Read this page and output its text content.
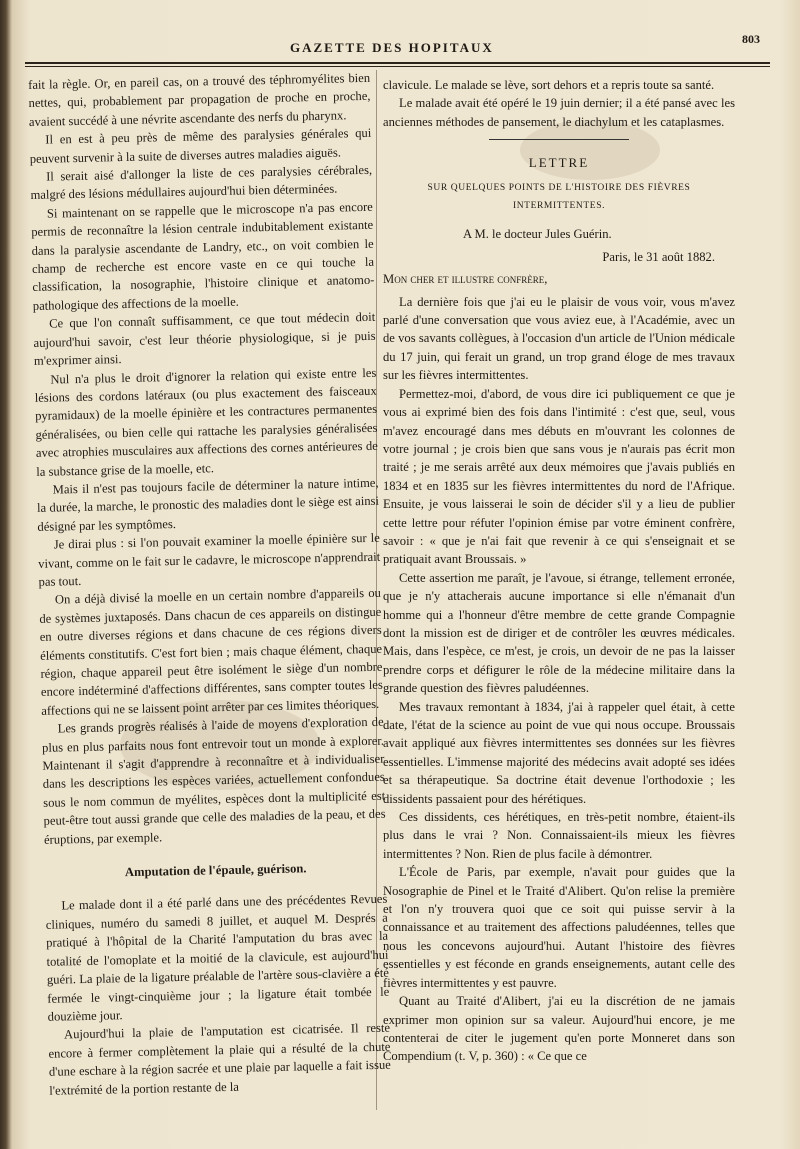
GAZETTE DES HOPITAUX
803

fait la règle. Or, en pareil cas, on a trouvé des téphromyélites bien nettes, qui, probablement par propagation de proche en proche, avaient succédé à une névrite ascendante des nerfs du pharynx.

Il en est à peu près de même des paralysies générales qui peuvent survenir à la suite de diverses autres maladies aiguës.

Il serait aisé d'allonger la liste de ces paralysies cérébrales, malgré des lésions médullaires aujourd'hui bien déterminées.

Si maintenant on se rappelle que le microscope n'a pas encore permis de reconnaître la lésion centrale indubitablement existante dans la paralysie ascendante de Landry, etc., on voit combien le champ de recherche est encore vaste en ce qui touche la classification, la nosographie, l'histoire clinique et anatomo-pathologique des affections de la moelle.

Ce que l'on connaît suffisamment, ce que tout médecin doit aujourd'hui savoir, c'est leur théorie physiologique, si je puis m'exprimer ainsi.

Nul n'a plus le droit d'ignorer la relation qui existe entre les lésions des cordons latéraux (ou plus exactement des faisceaux pyramidaux) de la moelle épinière et les contractures permanentes généralisées, ou bien celle qui rattache les paralysies généralisées avec atrophies musculaires aux affections des cornes antérieures de la substance grise de la moelle, etc.

Mais il n'est pas toujours facile de déterminer la nature intime, la durée, la marche, le pronostic des maladies dont le siège est ainsi désigné par les symptômes.

Je dirai plus : si l'on pouvait examiner la moelle épinière sur le vivant, comme on le fait sur le cadavre, le microscope n'apprendrait pas tout.

On a déjà divisé la moelle en un certain nombre d'appareils ou de systèmes juxtaposés. Dans chacun de ces appareils on distingue en outre diverses régions et dans chacune de ces régions divers éléments constitutifs. C'est fort bien ; mais chaque élément, chaque région, chaque appareil peut être isolément le siège d'un nombre encore indéterminé d'affections différentes, sans compter toutes les affections qui ne se laissent point arrêter par ces limites théoriques.

Les grands progrès réalisés à l'aide de moyens d'exploration de plus en plus parfaits nous font entrevoir tout un monde à explorer. Maintenant il s'agit d'apprendre à reconnaître et à individualiser dans les descriptions les espèces variées, actuellement confondues sous le nom commun de myélites, espèces dont la multiplicité est peut-être tout aussi grande que celle des maladies de la peau, et des éruptions, par exemple.

Amputation de l'épaule, guérison.

Le malade dont il a été parlé dans une des précédentes Revues cliniques, numéro du samedi 8 juillet, et auquel M. Després a pratiqué à l'hôpital de la Charité l'amputation du bras avec la totalité de l'omoplate et la moitié de la clavicule, est aujourd'hui guéri. La plaie de la ligature préalable de l'artère sous-clavière a été fermée le vingt-cinquième jour ; la ligature était tombée le douzième jour.

Aujourd'hui la plaie de l'amputation est cicatrisée. Il reste encore à fermer complètement la plaie qui a résulté de la chute d'une eschare à la région sacrée et une plaie par laquelle a fait issue l'extrémité de la portion restante de la

clavicule. Le malade se lève, sort dehors et a repris toute sa santé.

Le malade avait été opéré le 19 juin dernier; il a été pansé avec les anciennes méthodes de pansement, le diachylum et les cataplasmes.

LETTRE
SUR QUELQUES POINTS DE L'HISTOIRE DES FIÈVRES INTERMITTENTES.

A M. le docteur Jules Guérin.

Paris, le 31 août 1882.

Mon cher et illustre confrère,

La dernière fois que j'ai eu le plaisir de vous voir, vous m'avez parlé d'une conversation que vous aviez eue, à l'Académie, avec un de vos savants collègues, à l'occasion d'un article de l'Union médicale du 17 juin, qui ferait un grand, un trop grand éloge de mes travaux sur les fièvres intermittentes.

Permettez-moi, d'abord, de vous dire ici publiquement ce que je vous ai exprimé bien des fois dans l'intimité : c'est que, seul, vous m'avez encouragé dans mes débuts en m'ouvrant les colonnes de votre journal ; je crois bien que sans vous je n'aurais pas écrit mon traité ; je me serais arrêté aux deux mémoires que j'avais publiés en 1834 et en 1835 sur les fièvres intermittentes du nord de l'Afrique. Ensuite, je vous laisserai le soin de décider s'il y a lieu de publier cette lettre pour réfuter l'opinion émise par votre éminent confrère, savoir : « que je n'ai fait que revenir à ce qui s'enseignait et se pratiquait avant Broussais. »

Cette assertion me paraît, je l'avoue, si étrange, tellement erronée, que je n'y attacherais aucune importance si elle n'émanait d'un homme qui a l'honneur d'être membre de cette grande Compagnie dont la mission est de diriger et de contrôler les œuvres médicales. Mais, dans l'espèce, ce m'est, je crois, un devoir de ne pas la laisser prendre corps et défigurer le rôle de la médecine militaire dans la grande question des fièvres paludéennes.

Mes travaux remontant à 1834, j'ai à rappeler quel était, à cette date, l'état de la science au point de vue qui nous occupe. Broussais avait appliqué aux fièvres intermittentes ses données sur les fièvres essentielles. L'immense majorité des médecins avait adopté ses idées et sa thérapeutique. Sa doctrine était devenue l'orthodoxie ; les dissidents passaient pour des hérétiques.

Ces dissidents, ces hérétiques, en très-petit nombre, étaient-ils plus dans le vrai ? Non. Connaissaient-ils mieux les fièvres intermittentes ? Non. Rien de plus facile à démontrer.

L'École de Paris, par exemple, n'avait pour guides que la Nosographie de Pinel et le Traité d'Alibert. Qu'on relise la première et l'on n'y trouvera quoi que ce soit qui puisse servir à la connaissance et au traitement des affections paludéennes, telles que nous les concevons aujourd'hui. Autant l'histoire des fièvres essentielles y est féconde en grands enseignements, autant celle des fièvres intermittentes y est pauvre.

Quant au Traité d'Alibert, j'ai eu la discrétion de ne jamais exprimer mon opinion sur sa valeur. Aujourd'hui encore, je me contenterai de citer le jugement qu'en porte Monneret dans son Compendium (t. V, p. 360) : « Ce que ce
